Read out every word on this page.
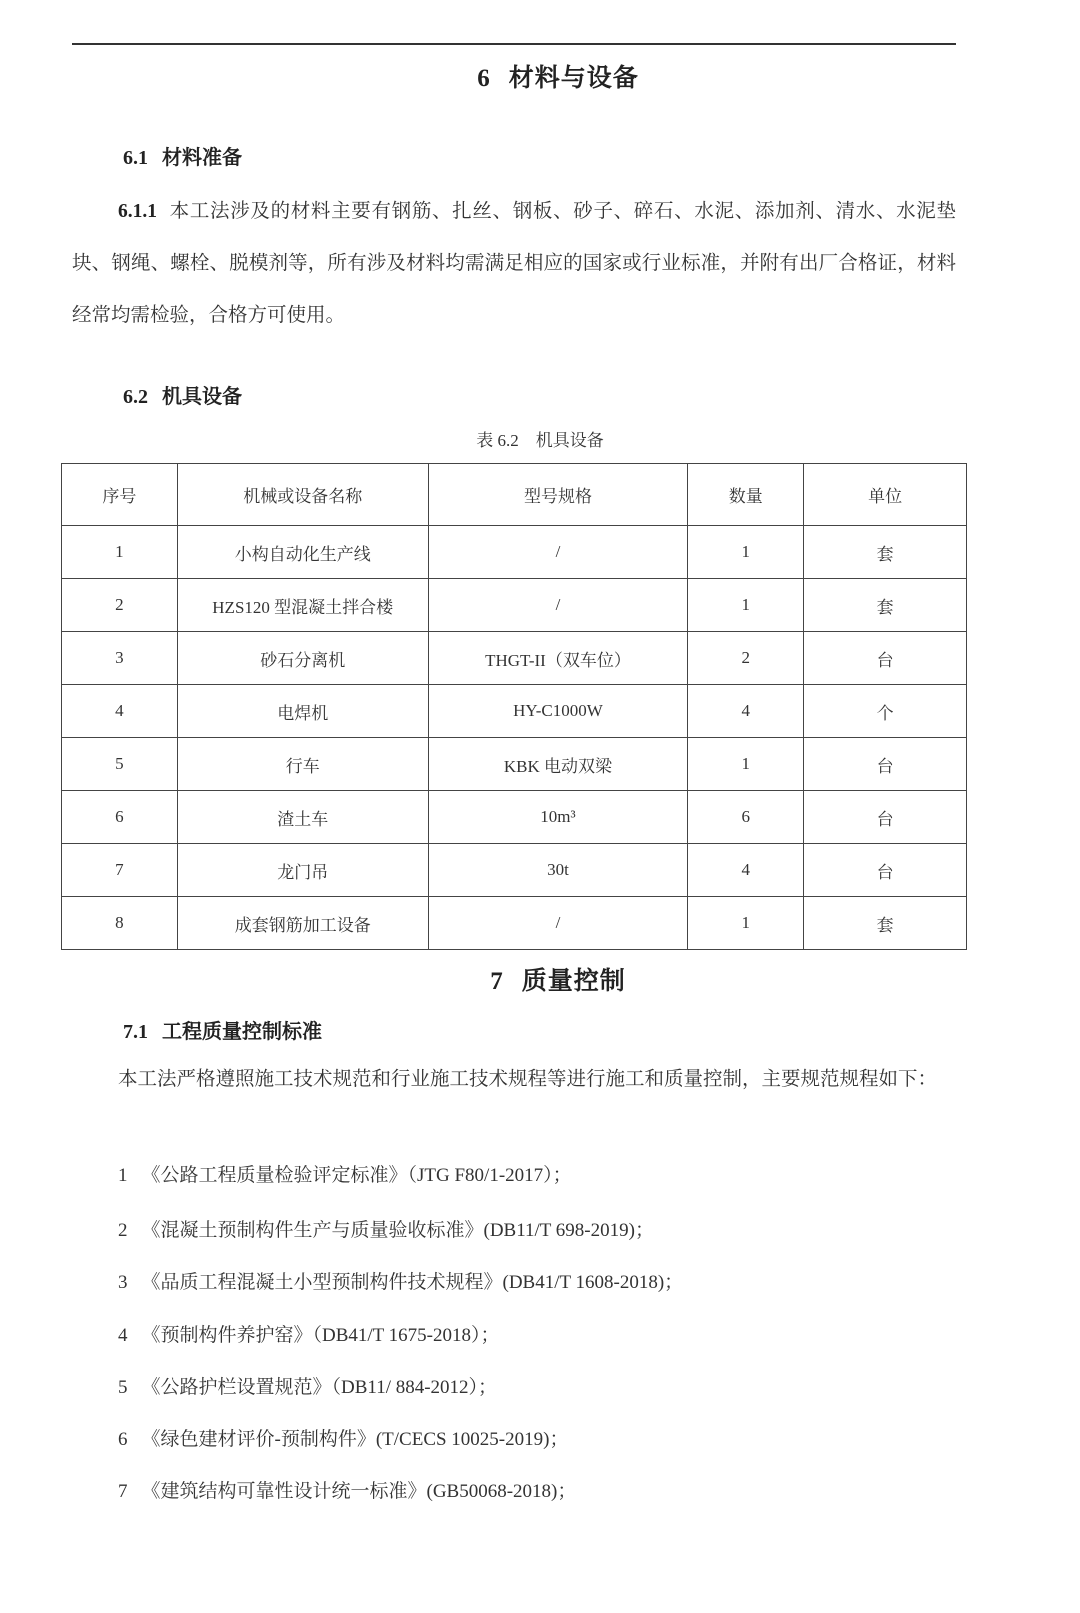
6 材料与设备
6.1 材料准备
6.1.1 本工法涉及的材料主要有钢筋、扎丝、钢板、砂子、碎石、水泥、添加剂、清水、水泥垫块、钢绳、螺栓、脱模剂等，所有涉及材料均需满足相应的国家或行业标准，并附有出厂合格证，材料经常均需检验，合格方可使用。
6.2 机具设备
表 6.2　机具设备
序号	机械或设备名称	型号规格	数量	单位
1	小构自动化生产线	/	1	套
2	HZS120 型混凝土拌合楼	/	1	套
3	砂石分离机	THGT-II（双车位）	2	台
4	电焊机	HY-C1000W	4	个
5	行车	KBK 电动双梁	1	台
6	渣土车	10m³	6	台
7	龙门吊	30t	4	台
8	成套钢筋加工设备	/	1	套
7 质量控制
7.1 工程质量控制标准
本工法严格遵照施工技术规范和行业施工技术规程等进行施工和质量控制，主要规范规程如下：
1 《公路工程质量检验评定标准》（JTG F80/1-2017）；
2 《混凝土预制构件生产与质量验收标准》(DB11/T 698-2019)；
3 《品质工程混凝土小型预制构件技术规程》(DB41/T 1608-2018)；
4 《预制构件养护窑》（DB41/T 1675-2018）；
5 《公路护栏设置规范》（DB11/ 884-2012）；
6 《绿色建材评价-预制构件》(T/CECS 10025-2019)；
7 《建筑结构可靠性设计统一标准》(GB50068-2018)；
